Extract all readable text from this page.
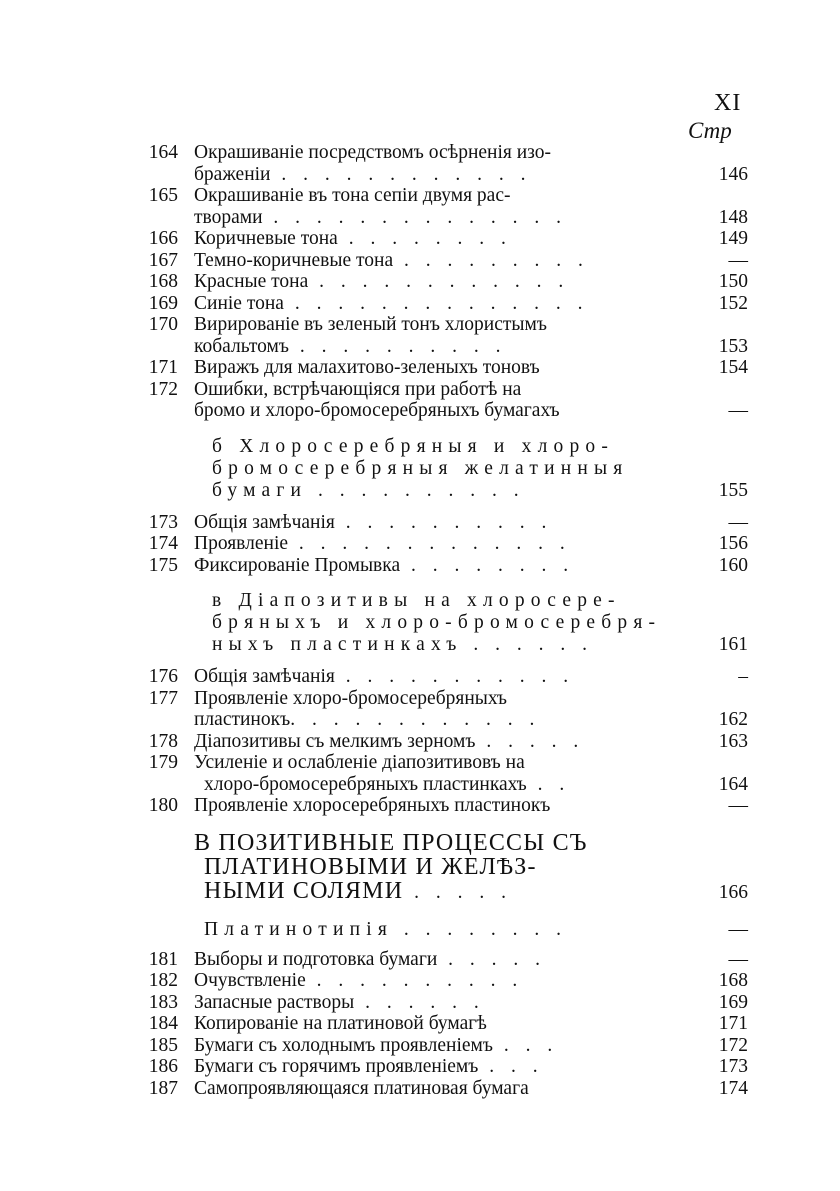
XI
Стр
164 Окрашиваніе посредствомъ осѣрненія изо-
браженіи . . . . . . . . . . . .	146
165 Окрашиваніе въ тона сепіи двумя рас-
творами . . . . . . . . . . . . . .	148
166 Коричневые тона . . . . . . . .	149
167 Темно-коричневые тона . . . . . . . . .	—
168 Красные тона . . . . . . . . . . . .	150
169 Синіе тона . . . . . . . . . . . . . .	152
170 Вирированіе въ зеленый тонъ хлористымъ
кобальтомъ . . . . . . . . . .	153
171 Виражъ для малахитово-зеленыхъ тоновъ	154
172 Ошибки, встрѣчающіяся при работѣ на
бромо и хлоро-бромосеребряныхъ бумагахъ	—
б Хлоросеребряныя и хлоро-
бромосеребряныя желатинныя
бумаги . . . . . . . . . .	155
173 Общія замѣчанія . . . . . . . . . .	—
174 Проявленіе . . . . . . . . . . . . .	156
175 Фиксированіе Промывка . . . . . . . .	160
в Діапозитивы на хлоросере-
бряныхъ и хлоро-бромосеребря-
ныхъ пластинкахъ . . . . . .	161
176 Общія замѣчанія . . . . . . . . . . .	–
177 Проявленіе хлоро-бромосеребряныхъ
пластинокъ. . . . . . . . . . . .	162
178 Діапозитивы съ мелкимъ зерномъ . . . . .	163
179 Усиленіе и ослабленіе діапозитивовъ на
хлоро-бромосеребряныхъ пластинкахъ . .	164
180 Проявленіе хлоросеребряныхъ пластинокъ	—
В ПОЗИТИВНЫЕ ПРОЦЕССЫ СЪ
ПЛАТИНОВЫМИ И ЖЕЛѢЗ-
НЫМИ СОЛЯМИ . . . . .	166
Платинотипія . . . . . . . .	—
181 Выборы и подготовка бумаги . . . . .	—
182 Очувствленіе . . . . . . . . . .	168
183 Запасные растворы . . . . . .	169
184 Копированіе на платиновой бумагѣ	171
185 Бумаги съ холоднымъ проявленіемъ . . .	172
186 Бумаги съ горячимъ проявленіемъ . . .	173
187 Самопроявляющаяся платиновая бумага	174
